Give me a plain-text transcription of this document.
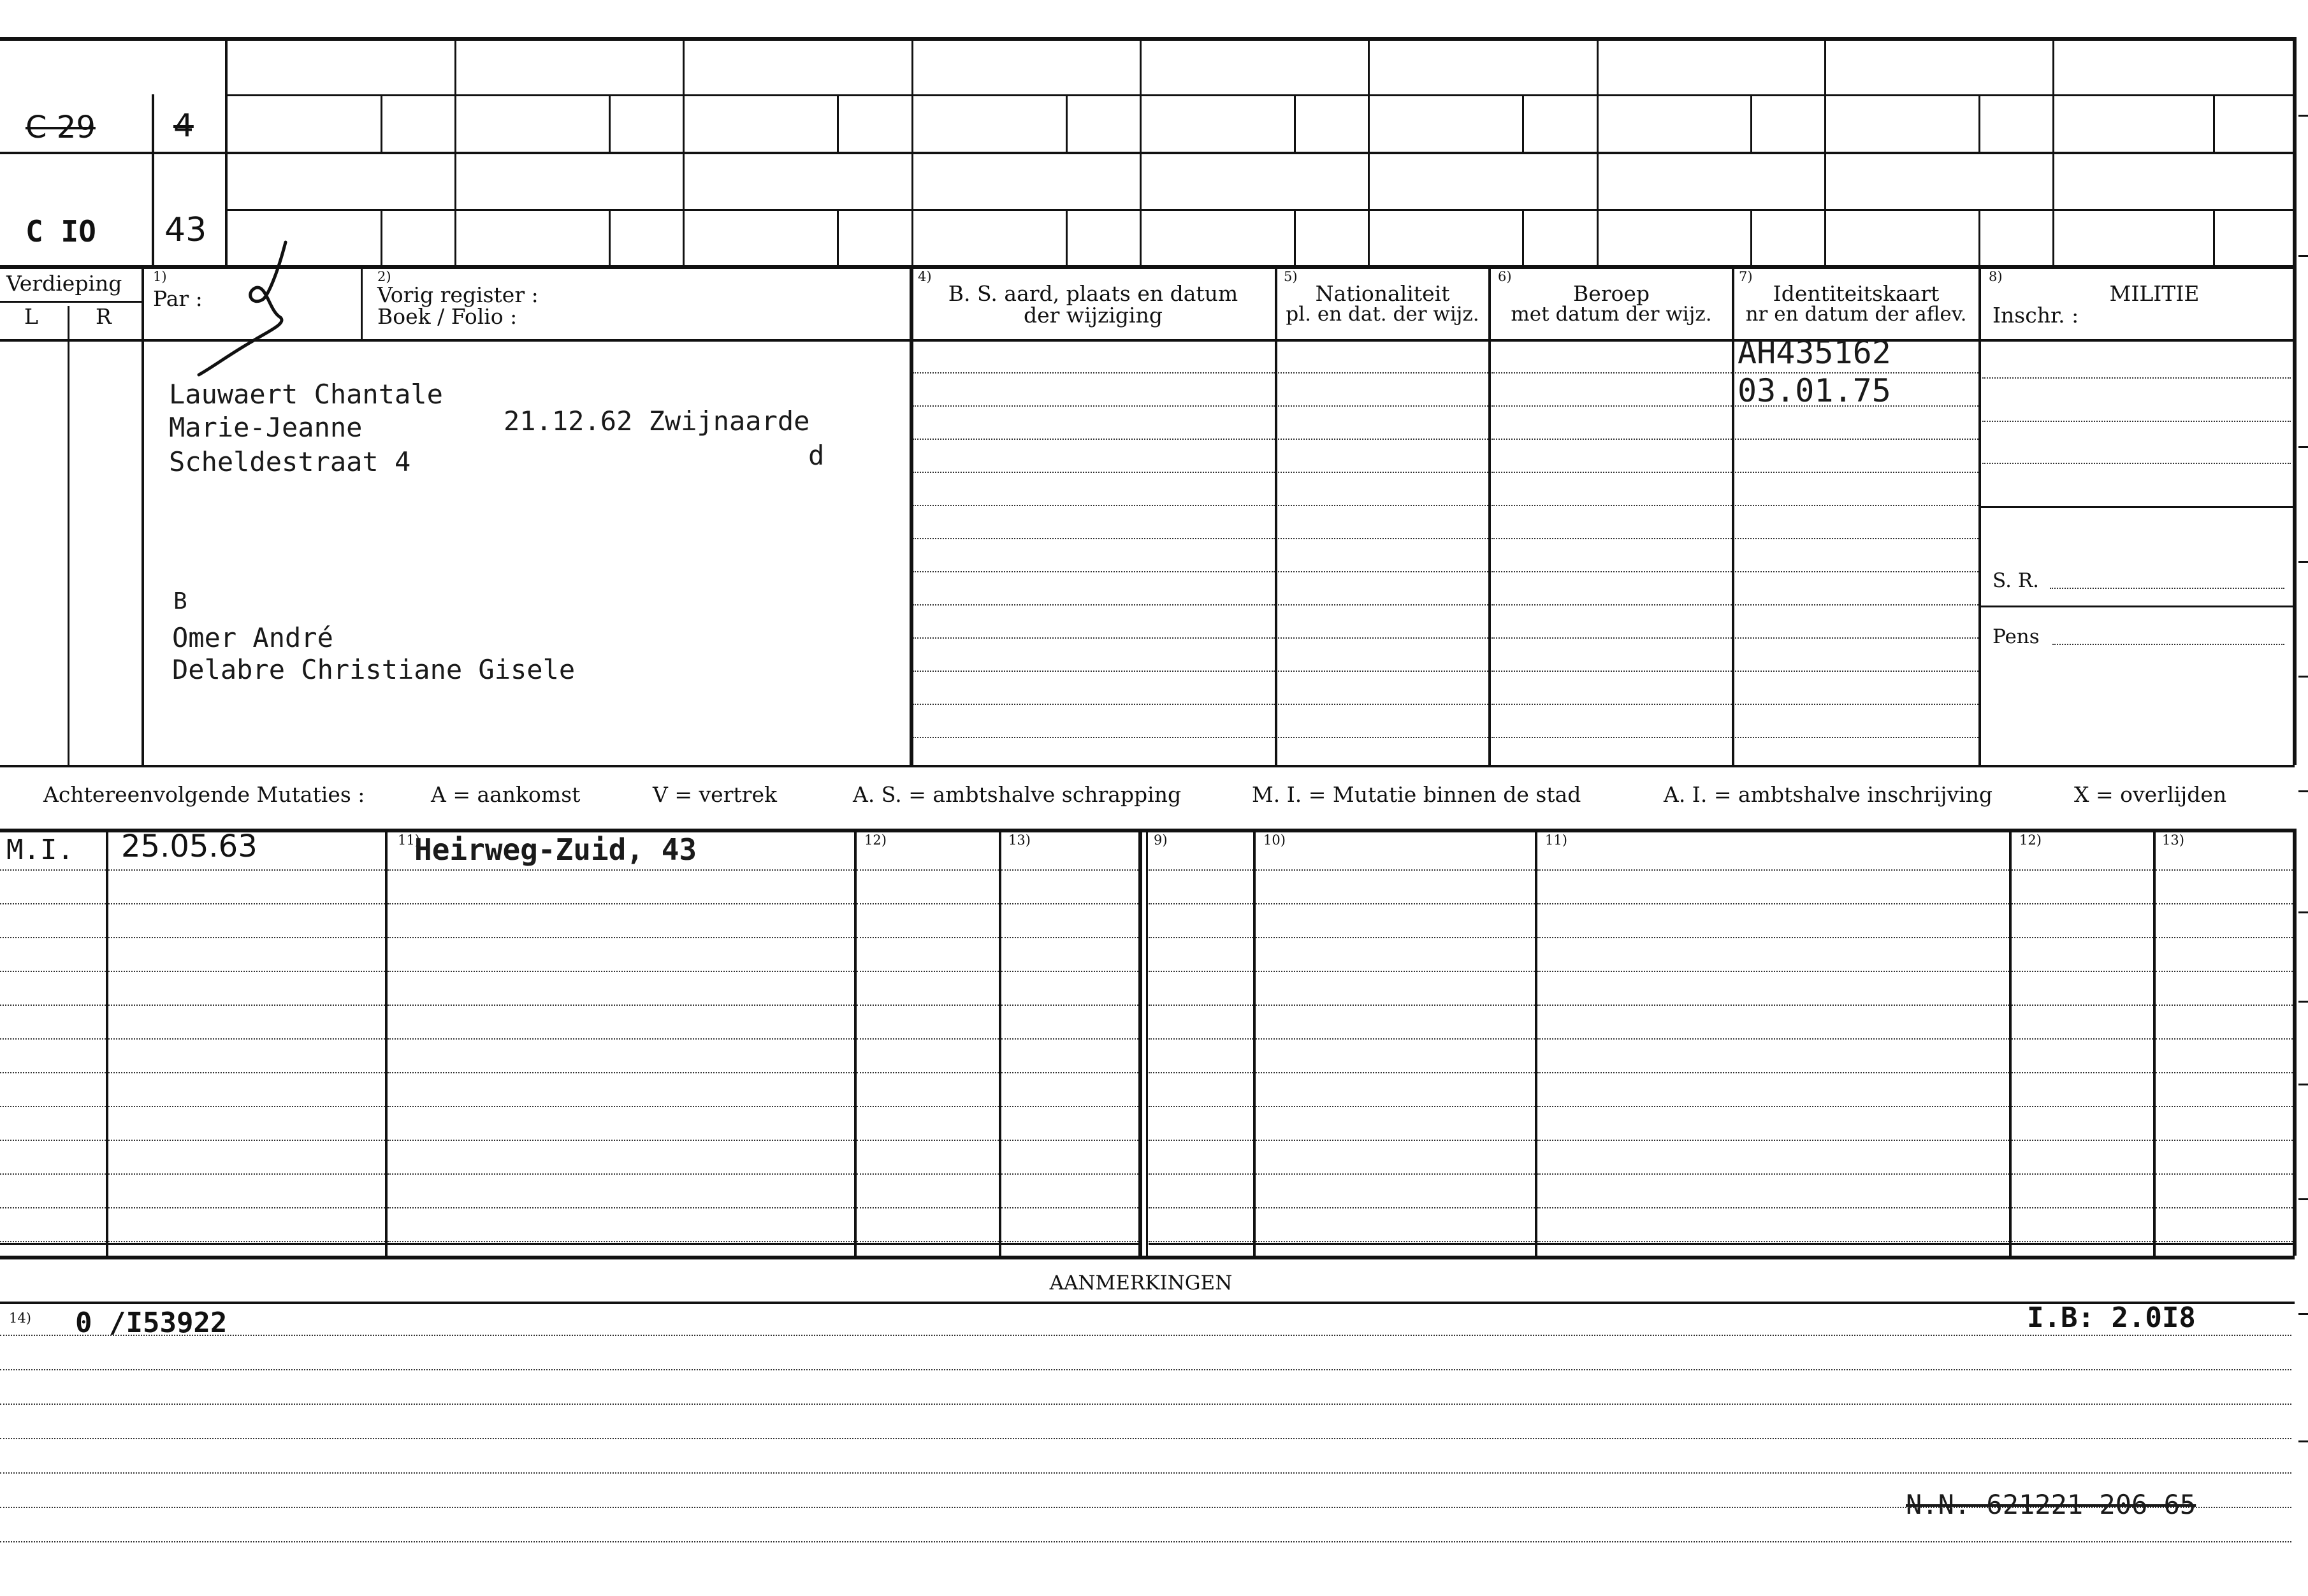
C 29 4
C IO 43
Verdieping
L	R
1)
Par :
2)
Vorig register :
Boek / Folio :
4)
B. S. aard, plaats en datum
der wijziging
5)
Nationaliteit
pl. en dat. der wijz.
6)
Beroep
met datum der wijz.
7)
Identiteitskaart
nr en datum der aflev.
8)
MILITIE
Inschr. :
S. R.
Pens
Lauwaert Chantale
Marie-Jeanne	21.12.62 Zwijnaarde
Scheldestraat 4	d
B
Omer André
Delabre Christiane Gisele
AH435162
03.01.75
Achtereenvolgende Mutaties :	A = aankomst	V = vertrek	A. S. = ambtshalve schrapping	M. I. = Mutatie binnen de stad	A. I. = ambtshalve inschrijving	X = overlijden
11)	12)	13)	9)	10)	11)	12)	13)
M.I. 25.05.63	Heirweg-Zuid, 43
AANMERKINGEN
14) 0 /I53922	I.B: 2.0I8
N.N. 621221 206 65
